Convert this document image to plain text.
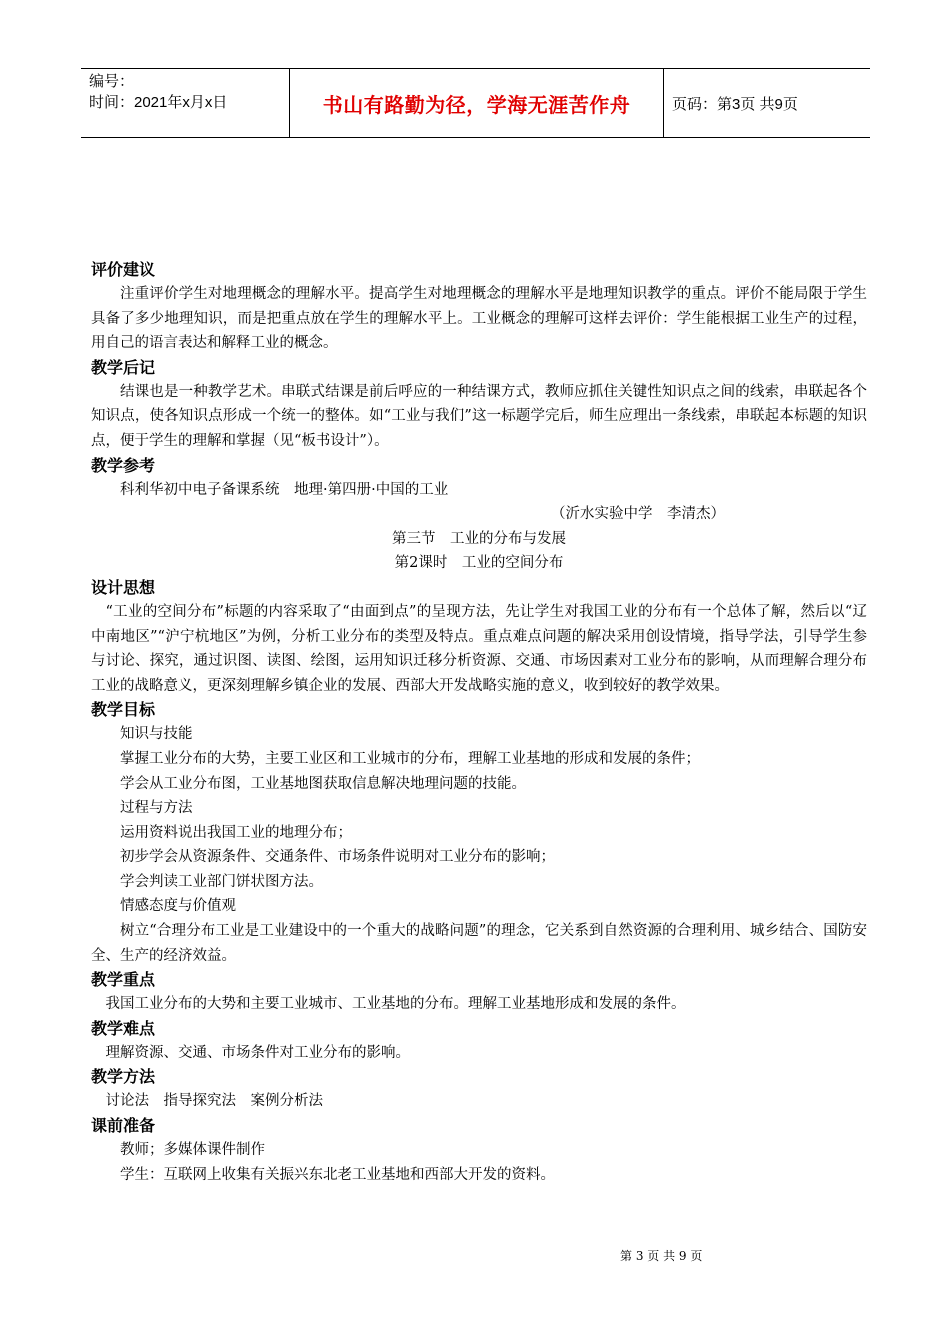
编号：
时间：2021年x月x日	书山有路勤为径，学海无涯苦作舟	页码：第3页 共9页

评价建议

注重评价学生对地理概念的理解水平。提高学生对地理概念的理解水平是地理知识教学的重点。评价不能局限于学生具备了多少地理知识，而是把重点放在学生的理解水平上。工业概念的理解可这样去评价：学生能根据工业生产的过程，用自己的语言表达和解释工业的概念。

教学后记

结课也是一种教学艺术。串联式结课是前后呼应的一种结课方式，教师应抓住关键性知识点之间的线索，串联起各个知识点，使各知识点形成一个统一的整体。如“工业与我们”这一标题学完后，师生应理出一条线索，串联起本标题的知识点，便于学生的理解和掌握（见“板书设计”）。

教学参考

科利华初中电子备课系统　地理·第四册·中国的工业

（沂水实验中学　李清杰）

第三节　工业的分布与发展

第2课时　工业的空间分布

设计思想

“工业的空间分布”标题的内容采取了“由面到点”的呈现方法，先让学生对我国工业的分布有一个总体了解，然后以“辽中南地区”“沪宁杭地区”为例，分析工业分布的类型及特点。重点难点问题的解决采用创设情境，指导学法，引导学生参与讨论、探究，通过识图、读图、绘图，运用知识迁移分析资源、交通、市场因素对工业分布的影响，从而理解合理分布工业的战略意义，更深刻理解乡镇企业的发展、西部大开发战略实施的意义，收到较好的教学效果。

教学目标

知识与技能

掌握工业分布的大势，主要工业区和工业城市的分布，理解工业基地的形成和发展的条件；

学会从工业分布图，工业基地图获取信息解决地理问题的技能。

过程与方法

运用资料说出我国工业的地理分布；

初步学会从资源条件、交通条件、市场条件说明对工业分布的影响；

学会判读工业部门饼状图方法。

情感态度与价值观

树立“合理分布工业是工业建设中的一个重大的战略问题”的理念，它关系到自然资源的合理利用、城乡结合、国防安全、生产的经济效益。

教学重点

我国工业分布的大势和主要工业城市、工业基地的分布。理解工业基地形成和发展的条件。

教学难点

理解资源、交通、市场条件对工业分布的影响。

教学方法

讨论法　指导探究法　案例分析法

课前准备

教师；多媒体课件制作

学生：互联网上收集有关振兴东北老工业基地和西部大开发的资料。

第 3 页 共 9 页
